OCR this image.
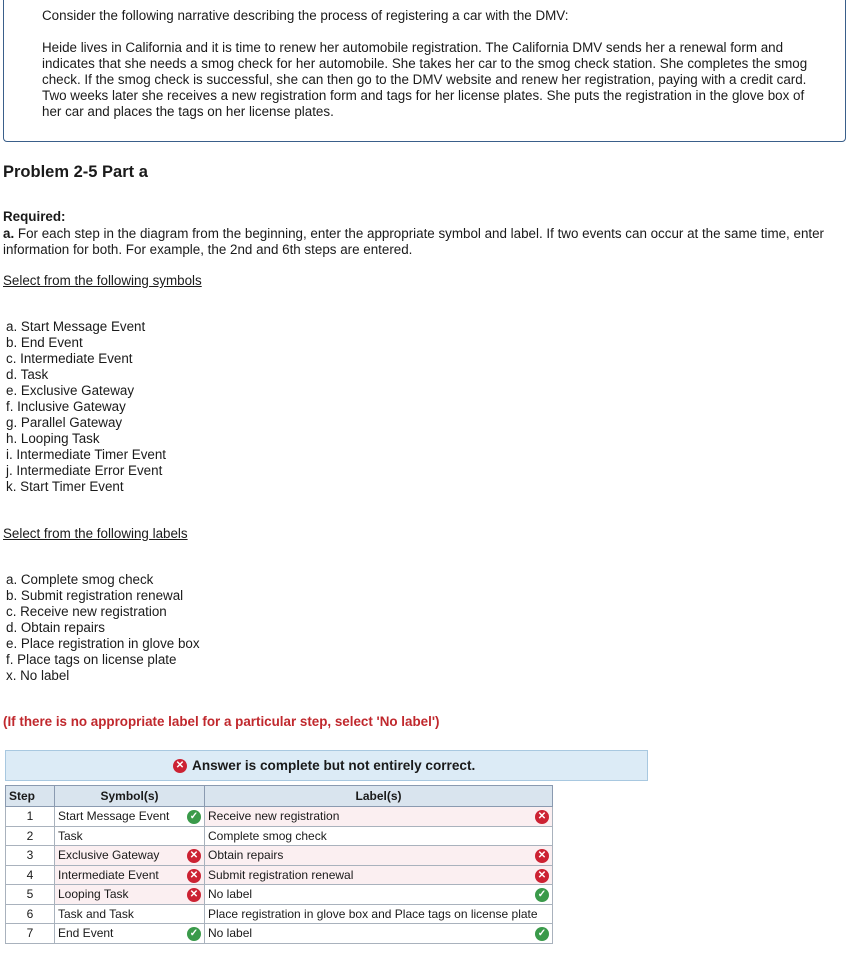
Consider the following narrative describing the process of registering a car with the DMV:
Heide lives in California and it is time to renew her automobile registration. The California DMV sends her a renewal form and indicates that she needs a smog check for her automobile. She takes her car to the smog check station. She completes the smog check. If the smog check is successful, she can then go to the DMV website and renew her registration, paying with a credit card. Two weeks later she receives a new registration form and tags for her license plates. She puts the registration in the glove box of her car and places the tags on her license plates.
Problem 2-5 Part a
Required:
a. For each step in the diagram from the beginning, enter the appropriate symbol and label. If two events can occur at the same time, enter information for both. For example, the 2nd and 6th steps are entered.
Select from the following symbols
a. Start Message Event
b. End Event
c. Intermediate Event
d. Task
e. Exclusive Gateway
f. Inclusive Gateway
g. Parallel Gateway
h. Looping Task
i. Intermediate Timer Event
j. Intermediate Error Event
k. Start Timer Event
Select from the following labels
a. Complete smog check
b. Submit registration renewal
c. Receive new registration
d. Obtain repairs
e. Place registration in glove box
f. Place tags on license plate
x. No label
(If there is no appropriate label for a particular step, select 'No label')
✕ Answer is complete but not entirely correct.
Step	Symbol(s)	Label(s)
1	Start Message Event ✓	Receive new registration ✕

2	Task	Complete smog check
3	Exclusive Gateway ✕	Obtain repairs ✕

4	Intermediate Event ✕	Submit registration renewal ✕

5	Looping Task ✕	No label ✓

6	Task and Task	Place registration in glove box and Place tags on license plate
7	End Event ✓	No label ✓
